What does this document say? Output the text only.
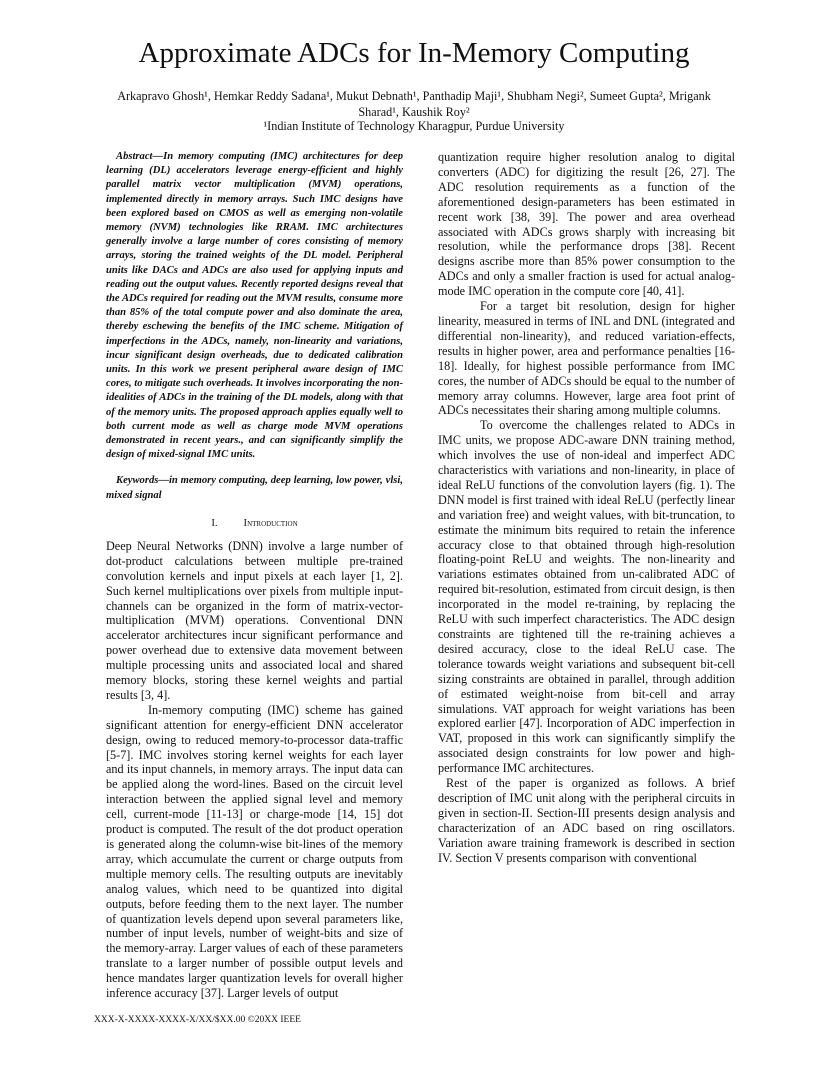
Approximate ADCs for In-Memory Computing
Arkapravo Ghosh¹, Hemkar Reddy Sadana¹, Mukut Debnath¹, Panthadip Maji¹, Shubham Negi², Sumeet Gupta², Mrigank Sharad¹, Kaushik Roy²
¹Indian Institute of Technology Kharagpur, Purdue University

Abstract—In memory computing (IMC) architectures for deep learning (DL) accelerators leverage energy-efficient and highly parallel matrix vector multiplication (MVM) operations, implemented directly in memory arrays. Such IMC designs have been explored based on CMOS as well as emerging non-volatile memory (NVM) technologies like RRAM. IMC architectures generally involve a large number of cores consisting of memory arrays, storing the trained weights of the DL model. Peripheral units like DACs and ADCs are also used for applying inputs and reading out the output values. Recently reported designs reveal that the ADCs required for reading out the MVM results, consume more than 85% of the total compute power and also dominate the area, thereby eschewing the benefits of the IMC scheme. Mitigation of imperfections in the ADCs, namely, non-linearity and variations, incur significant design overheads, due to dedicated calibration units. In this work we present peripheral aware design of IMC cores, to mitigate such overheads. It involves incorporating the non-idealities of ADCs in the training of the DL models, along with that of the memory units. The proposed approach applies equally well to both current mode as well as charge mode MVM operations demonstrated in recent years., and can significantly simplify the design of mixed-signal IMC units.

Keywords—in memory computing, deep learning, low power, vlsi, mixed signal

I. Introduction

Deep Neural Networks (DNN) involve a large number of dot-product calculations between multiple pre-trained convolution kernels and input pixels at each layer [1, 2]. Such kernel multiplications over pixels from multiple input-channels can be organized in the form of matrix-vector-multiplication (MVM) operations. Conventional DNN accelerator architectures incur significant performance and power overhead due to extensive data movement between multiple processing units and associated local and shared memory blocks, storing these kernel weights and partial results [3, 4].

In-memory computing (IMC) scheme has gained significant attention for energy-efficient DNN accelerator design, owing to reduced memory-to-processor data-traffic [5-7]. IMC involves storing kernel weights for each layer and its input channels, in memory arrays. The input data can be applied along the word-lines. Based on the circuit level interaction between the applied signal level and memory cell, current-mode [11-13] or charge-mode [14, 15] dot product is computed. The result of the dot product operation is generated along the column-wise bit-lines of the memory array, which accumulate the current or charge outputs from multiple memory cells. The resulting outputs are inevitably analog values, which need to be quantized into digital outputs, before feeding them to the next layer. The number of quantization levels depend upon several parameters like, number of input levels, number of weight-bits and size of the memory-array. Larger values of each of these parameters translate to a larger number of possible output levels and hence mandates larger quantization levels for overall higher inference accuracy [37]. Larger levels of output

quantization require higher resolution analog to digital converters (ADC) for digitizing the result [26, 27]. The ADC resolution requirements as a function of the aforementioned design-parameters has been estimated in recent work [38, 39]. The power and area overhead associated with ADCs grows sharply with increasing bit resolution, while the performance drops [38]. Recent designs ascribe more than 85% power consumption to the ADCs and only a smaller fraction is used for actual analog-mode IMC operation in the compute core [40, 41].

For a target bit resolution, design for higher linearity, measured in terms of INL and DNL (integrated and differential non-linearity), and reduced variation-effects, results in higher power, area and performance penalties [16-18]. Ideally, for highest possible performance from IMC cores, the number of ADCs should be equal to the number of memory array columns. However, large area foot print of ADCs necessitates their sharing among multiple columns.

To overcome the challenges related to ADCs in IMC units, we propose ADC-aware DNN training method, which involves the use of non-ideal and imperfect ADC characteristics with variations and non-linearity, in place of ideal ReLU functions of the convolution layers (fig. 1). The DNN model is first trained with ideal ReLU (perfectly linear and variation free) and weight values, with bit-truncation, to estimate the minimum bits required to retain the inference accuracy close to that obtained through high-resolution floating-point ReLU and weights. The non-linearity and variations estimates obtained from un-calibrated ADC of required bit-resolution, estimated from circuit design, is then incorporated in the model re-training, by replacing the ReLU with such imperfect characteristics. The ADC design constraints are tightened till the re-training achieves a desired accuracy, close to the ideal ReLU case. The tolerance towards weight variations and subsequent bit-cell sizing constraints are obtained in parallel, through addition of estimated weight-noise from bit-cell and array simulations. VAT approach for weight variations has been explored earlier [47]. Incorporation of ADC imperfection in VAT, proposed in this work can significantly simplify the associated design constraints for low power and high-performance IMC architectures.

Rest of the paper is organized as follows. A brief description of IMC unit along with the peripheral circuits in given in section-II. Section-III presents design analysis and characterization of an ADC based on ring oscillators. Variation aware training framework is described in section IV. Section V presents comparison with conventional

XXX-X-XXXX-XXXX-X/XX/$XX.00 ©20XX IEEE
